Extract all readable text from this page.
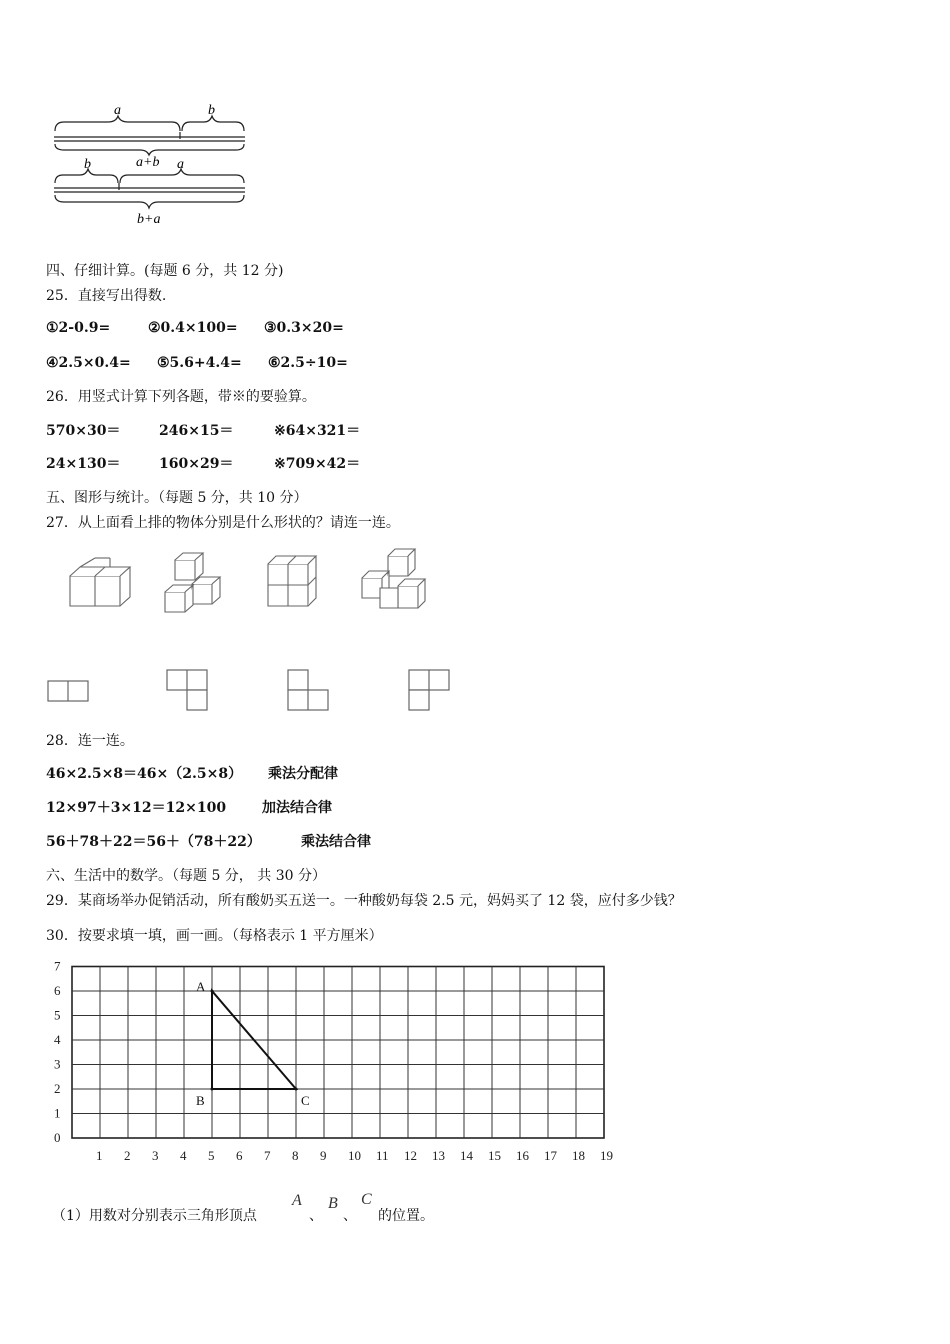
a	b
a+b
b	a
b+a
四、仔细计算。(每题 6 分，共 12 分)
25．直接写出得数.
①2-0.9=	②0.4×100= ③0.3×20=
④2.5×0.4= ⑤5.6+4.4= ⑥2.5÷10=
26．用竖式计算下列各题，带※的要验算。
570×30＝	246×15＝	※64×321＝
24×130＝	160×29＝	※709×42＝
五、图形与统计。（每题 5 分，共 10 分）
27．从上面看上排的物体分别是什么形状的？请连一连。
28．连一连。
46×2.5×8＝46×（2.5×8） 乘法分配律
12×97＋3×12＝12×100	加法结合律
56＋78＋22＝56＋（78＋22）	乘法结合律
六、生活中的数学。（每题 5 分， 共 30 分）
29．某商场举办促销活动，所有酸奶买五送一。一种酸奶每袋 2.5 元，妈妈买了 12 袋，应付多少钱？
30．按要求填一填，画一画。（每格表示 1 平方厘米）
1 2 3 4 5 6 7 8 9 10 11 12 13 14 15 16 17 18 19
0
1
2
3
4
5
6
7
A
B	C
（1）用数对分别表示三角形顶点
A
、
B
、
C
的位置。
